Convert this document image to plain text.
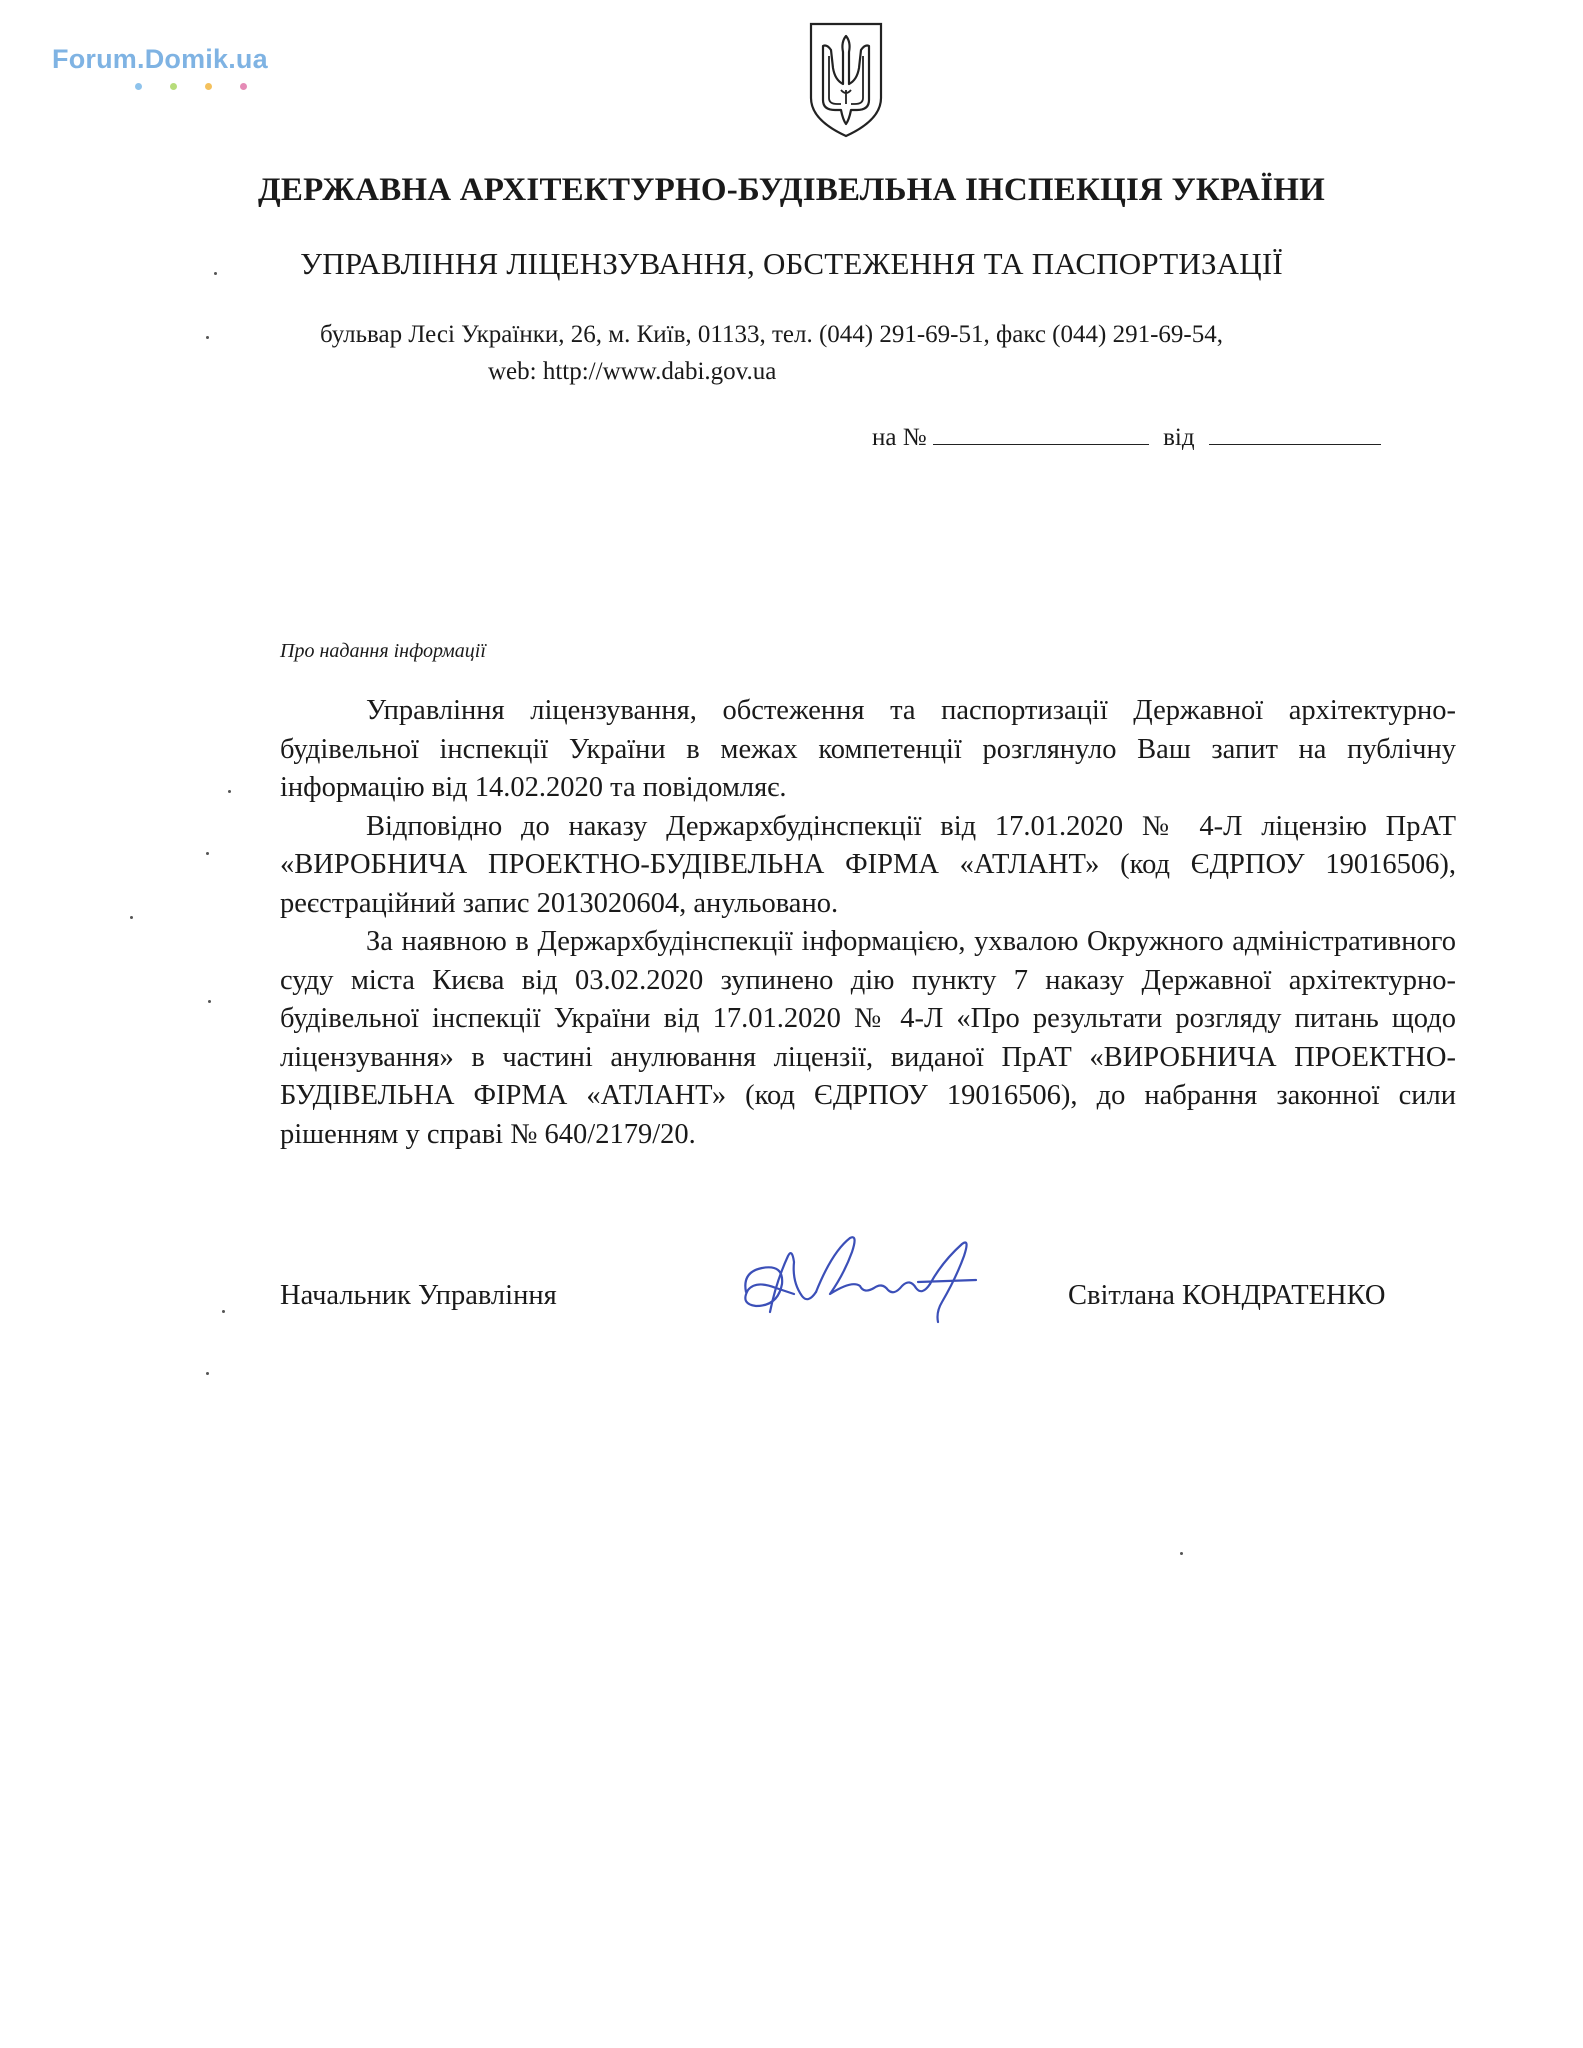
Forum.Domik.ua
ДЕРЖАВНА АРХІТЕКТУРНО-БУДІВЕЛЬНА ІНСПЕКЦІЯ УКРАЇНИ
УПРАВЛІННЯ ЛІЦЕНЗУВАННЯ, ОБСТЕЖЕННЯ ТА ПАСПОРТИЗАЦІЇ
бульвар Лесі Українки, 26, м. Київ, 01133, тел. (044) 291-69-51, факс (044) 291-69-54,
web: http://www.dabi.gov.ua
на №	від
Про надання інформації

Управління ліцензування, обстеження та паспортизації Державної архітектурно-будівельної інспекції України в межах компетенції розглянуло Ваш запит на публічну інформацію від 14.02.2020 та повідомляє.

Відповідно до наказу Держархбудінспекції від 17.01.2020 № 4-Л ліцензію ПрАТ «ВИРОБНИЧА ПРОЕКТНО-БУДІВЕЛЬНА ФІРМА «АТЛАНТ» (код ЄДРПОУ 19016506), реєстраційний запис 2013020604, анульовано.

За наявною в Держархбудінспекції інформацією, ухвалою Окружного адміністративного суду міста Києва від 03.02.2020 зупинено дію пункту 7 наказу Державної архітектурно-будівельної інспекції України від 17.01.2020 № 4-Л «Про результати розгляду питань щодо ліцензування» в частині анулювання ліцензії, виданої ПрАТ «ВИРОБНИЧА ПРОЕКТНО-БУДІВЕЛЬНА ФІРМА «АТЛАНТ» (код ЄДРПОУ 19016506), до набрання законної сили рішенням у справі № 640/2179/20.

Начальник Управління	Світлана КОНДРАТЕНКО
